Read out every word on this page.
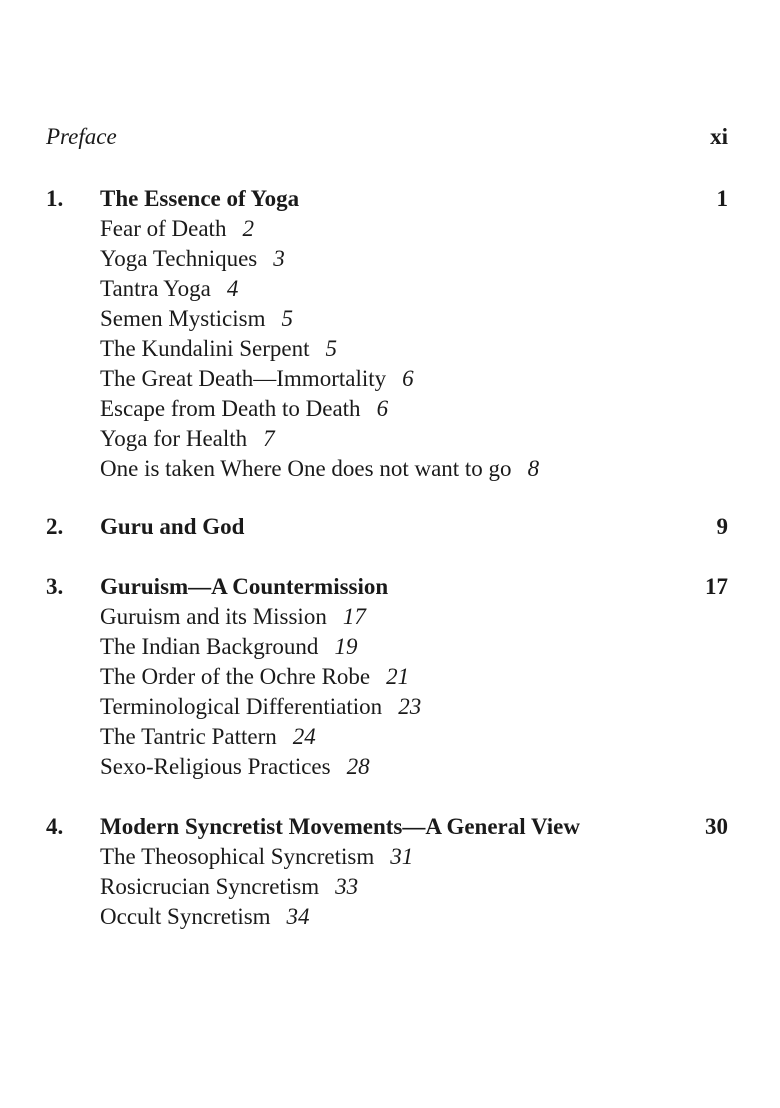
Preface	xi
1. The Essence of Yoga	1
Fear of Death 2
Yoga Techniques 3
Tantra Yoga 4
Semen Mysticism 5
The Kundalini Serpent 5
The Great Death—Immortality 6
Escape from Death to Death 6
Yoga for Health 7
One is taken Where One does not want to go 8
2. Guru and God	9
3. Guruism—A Countermission	17
Guruism and its Mission 17
The Indian Background 19
The Order of the Ochre Robe 21
Terminological Differentiation 23
The Tantric Pattern 24
Sexo-Religious Practices 28
4. Modern Syncretist Movements—A General View	30
The Theosophical Syncretism 31
Rosicrucian Syncretism 33
Occult Syncretism 34
